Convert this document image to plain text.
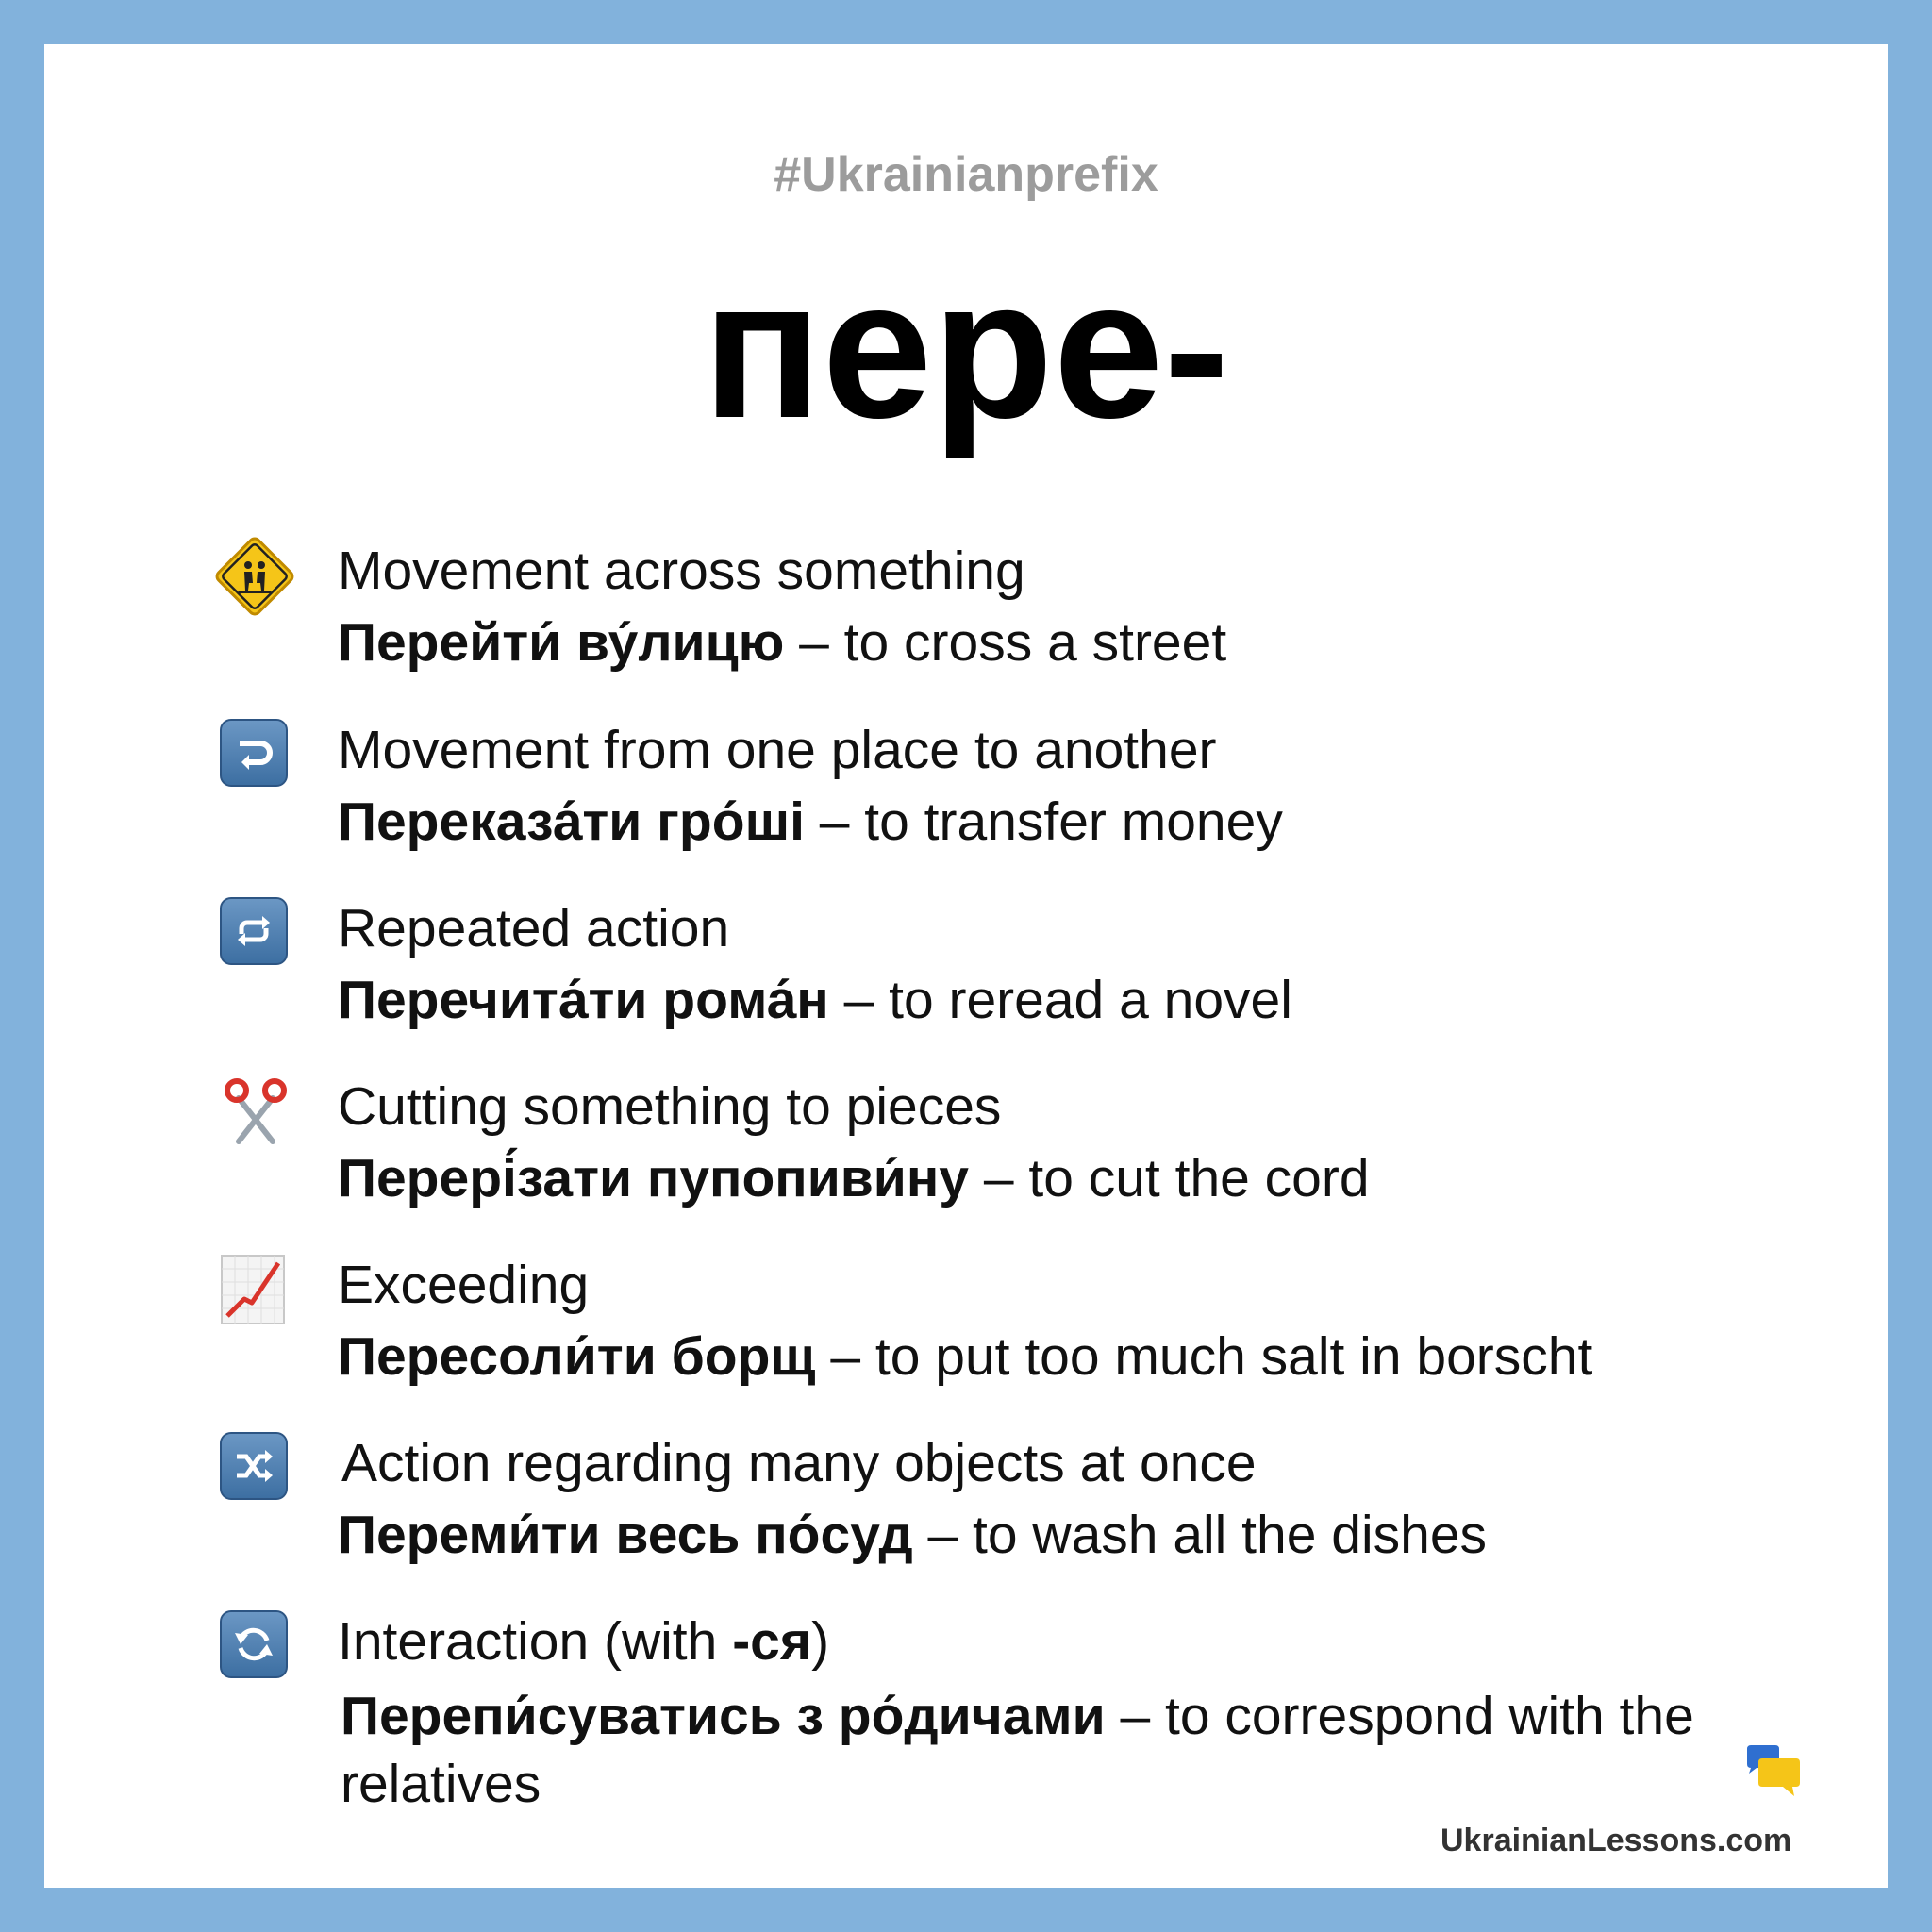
#Ukrainianprefix
пере-
Movement across something
Перейти́ ву́лицю – to cross a street
Movement from one place to another
Переказа́ти гро́ші – to transfer money
Repeated action
Перечита́ти рома́н – to reread a novel
Cutting something to pieces
Перері́зати пупопиви́ну – to cut the cord
Exceeding
Пересоли́ти борщ – to put too much salt in borscht
Action regarding many objects at once
Переми́ти весь по́суд – to wash all the dishes
Interaction (with -ся)
Перепи́суватись з ро́дичами – to correspond with the relatives
UkrainianLessons.com
